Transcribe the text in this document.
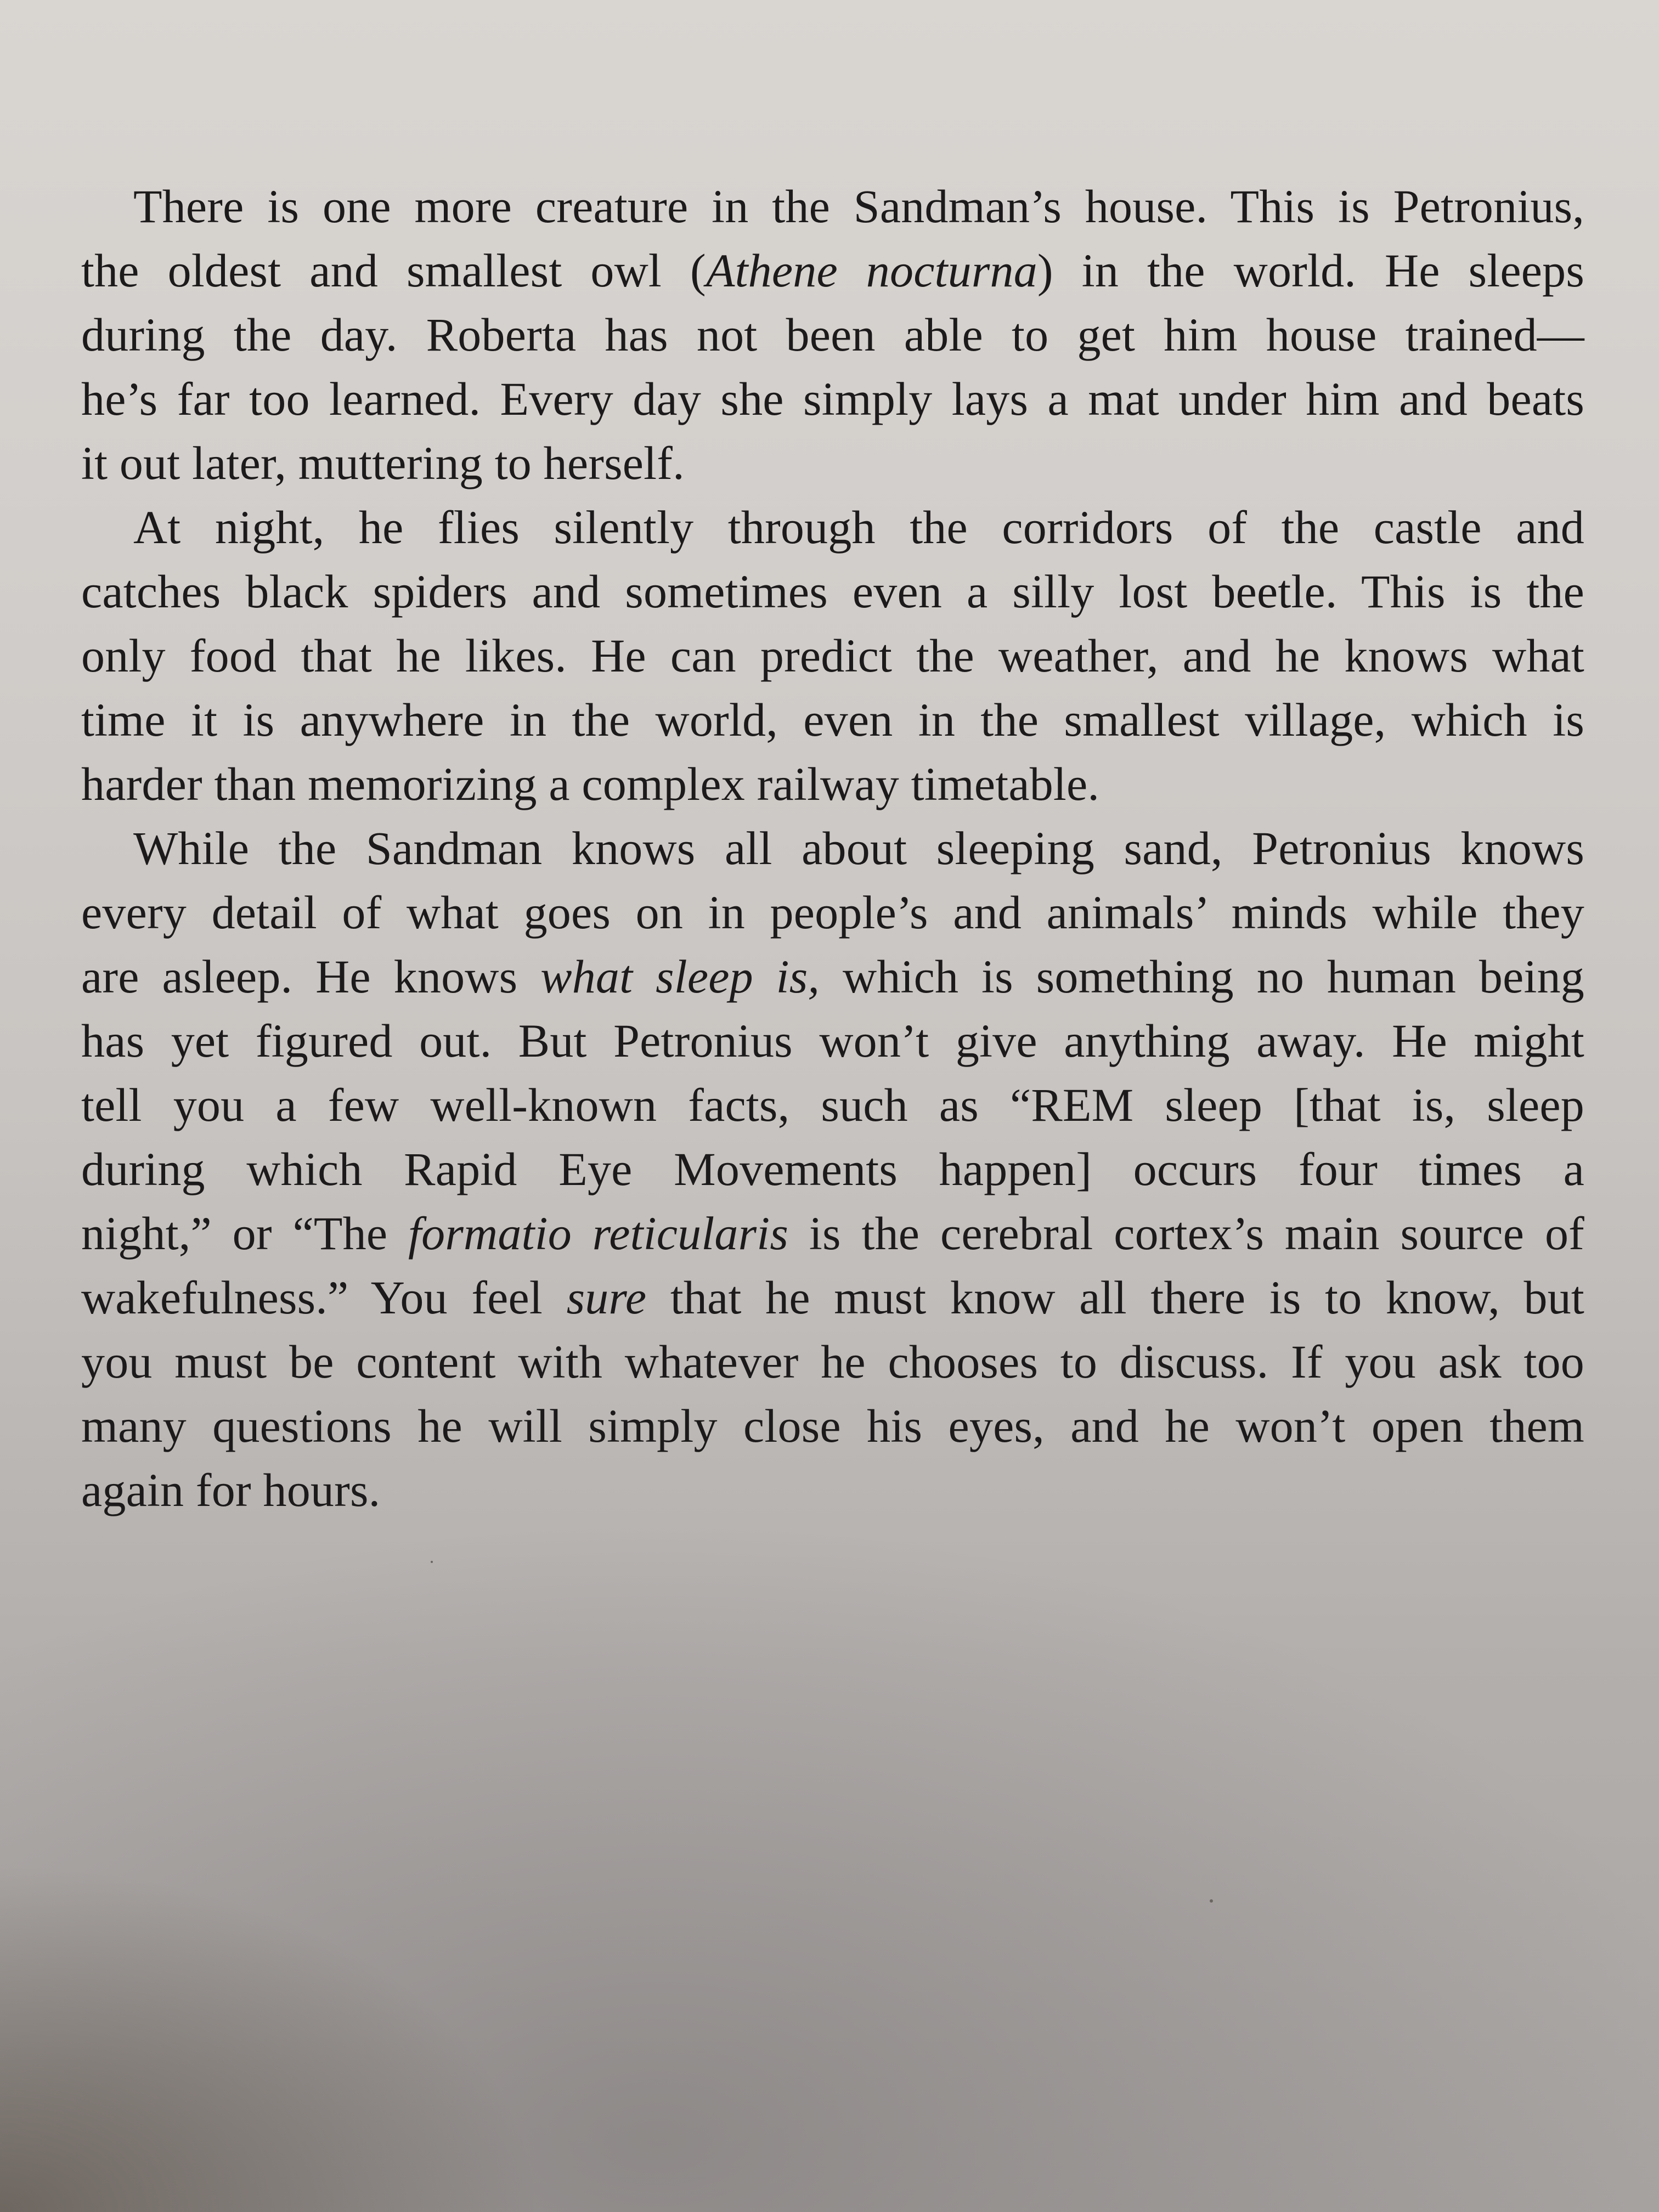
There is one more creature in the Sandman’s house. This is Petronius,
the oldest and smallest owl (Athene nocturna) in the world. He sleeps
during the day. Roberta has not been able to get him house trained—
he’s far too learned. Every day she simply lays a mat under him and beats
it out later, muttering to herself.
At night, he flies silently through the corridors of the castle and
catches black spiders and sometimes even a silly lost beetle. This is the
only food that he likes. He can predict the weather, and he knows what
time it is anywhere in the world, even in the smallest village, which is
harder than memorizing a complex railway timetable.
While the Sandman knows all about sleeping sand, Petronius knows
every detail of what goes on in people’s and animals’ minds while they
are asleep. He knows what sleep is, which is something no human being
has yet figured out. But Petronius won’t give anything away. He might
tell you a few well-known facts, such as “REM sleep [that is, sleep
during which Rapid Eye Movements happen] occurs four times a
night,” or “The formatio reticularis is the cerebral cortex’s main source of
wakefulness.” You feel sure that he must know all there is to know, but
you must be content with whatever he chooses to discuss. If you ask too
many questions he will simply close his eyes, and he won’t open them
again for hours.
